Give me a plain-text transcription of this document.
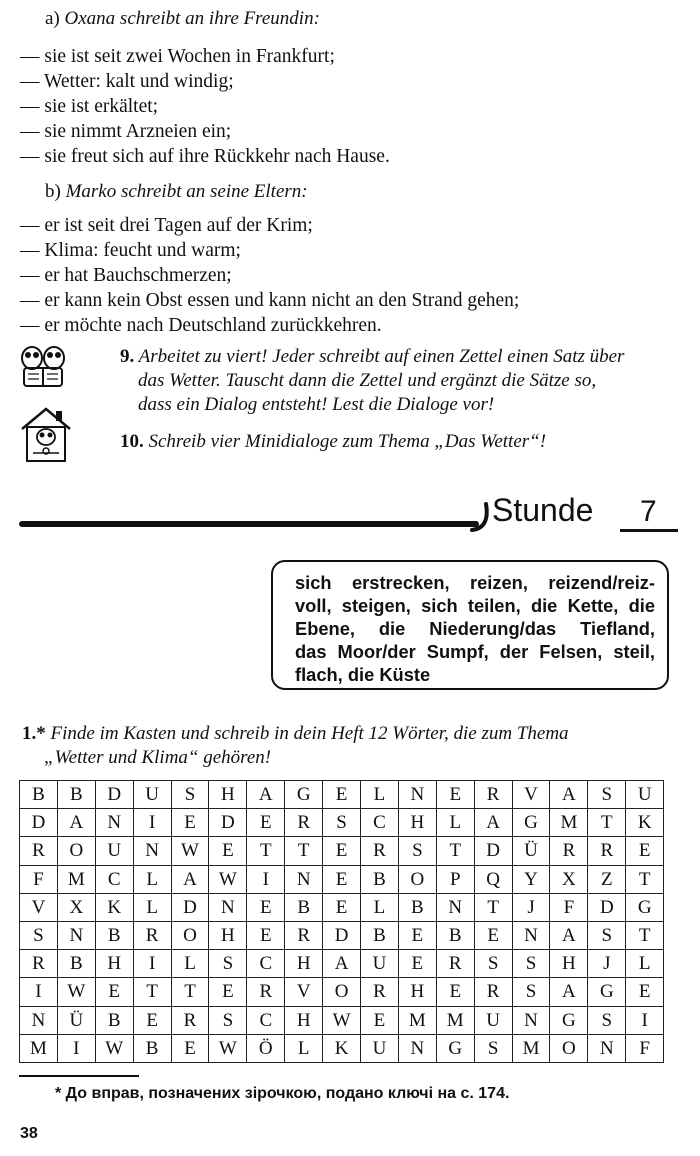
a) Oxana schreibt an ihre Freundin:
— sie ist seit zwei Wochen in Frankfurt;
— Wetter: kalt und windig;
— sie ist erkältet;
— sie nimmt Arzneien ein;
— sie freut sich auf ihre Rückkehr nach Hause.
b) Marko schreibt an seine Eltern:
— er ist seit drei Tagen auf der Krim;
— Klima: feucht und warm;
— er hat Bauchschmerzen;
— er kann kein Obst essen und kann nicht an den Strand gehen;
— er möchte nach Deutschland zurückkehren.
9. Arbeitet zu viert! Jeder schreibt auf einen Zettel einen Satz über
das Wetter. Tauscht dann die Zettel und ergänzt die Sätze so,
dass ein Dialog entsteht! Lest die Dialoge vor!
10. Schreib vier Minidialoge zum Thema „Das Wetter“!
Stunde 7
sich erstrecken, reizen, reizend/reiz-
voll, steigen, sich teilen, die Kette, die
Ebene, die Niederung/das Tiefland,
das Moor/der Sumpf, der Felsen, steil,
flach, die Küste
1.* Finde im Kasten und schreib in dein Heft 12 Wörter, die zum Thema
„Wetter und Klima“ gehören!
B	B	D	U	S	H	A	G	E	L	N	E	R	V	A	S	U
D	A	N	I	E	D	E	R	S	C	H	L	A	G	M	T	K
R	O	U	N	W	E	T	T	E	R	S	T	D	Ü	R	R	E
F	M	C	L	A	W	I	N	E	B	O	P	Q	Y	X	Z	T
V	X	K	L	D	N	E	B	E	L	B	N	T	J	F	D	G
S	N	B	R	O	H	E	R	D	B	E	B	E	N	A	S	T
R	B	H	I	L	S	C	H	A	U	E	R	S	S	H	J	L
I	W	E	T	T	E	R	V	O	R	H	E	R	S	A	G	E
N	Ü	B	E	R	S	C	H	W	E	M	M	U	N	G	S	I
M	I	W	B	E	W	Ö	L	K	U	N	G	S	M	O	N	F
* До вправ, позначених зірочкою, подано ключі на с. 174.
38
